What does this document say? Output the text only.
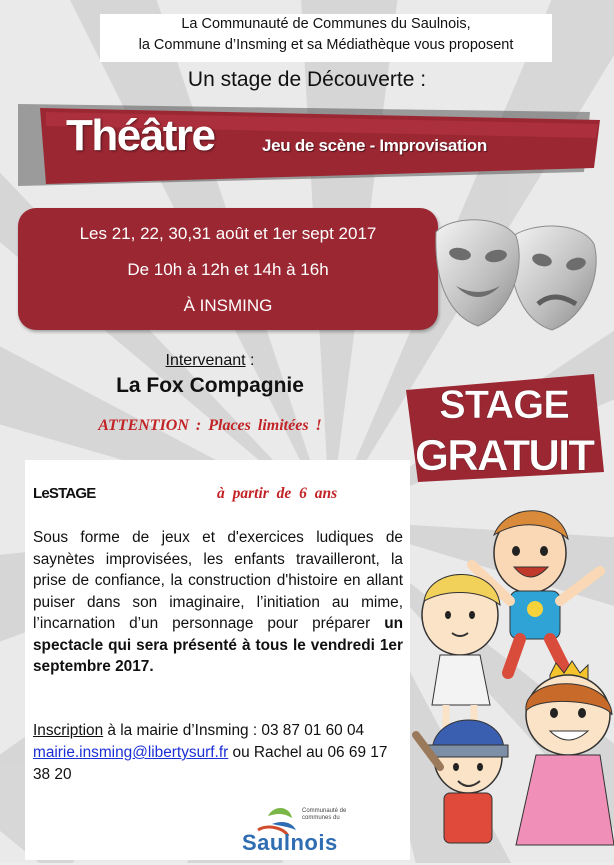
La Communauté de Communes du Saulnois,
la Commune d’Insming et sa Médiathèque vous proposent
Un stage de Découverte :
Théâtre	Jeu de scène - Improvisation
Les 21, 22, 30,31 août et 1er sept 2017
De 10h à 12h et 14h à 16h
À INSMING
Intervenant :
La Fox Compagnie
ATTENTION : Places limitées !	STAGE
GRATUIT
LeSTAGE	à partir de 6 ans
Sous forme de jeux et d'exercices ludiques de saynètes improvisées, les enfants travailleront, la prise de confiance, la construction d'histoire en allant puiser dans son imaginaire, l’initiation au mime, l’incarnation d’un personnage pour préparer un spectacle qui sera présenté à tous le vendredi 1er septembre 2017.
Inscription à la mairie d’Insming : 03 87 01 60 04 mairie.insming@libertysurf.fr ou Rachel au 06 69 17 38 20
Communauté de communes du
Saulnois
